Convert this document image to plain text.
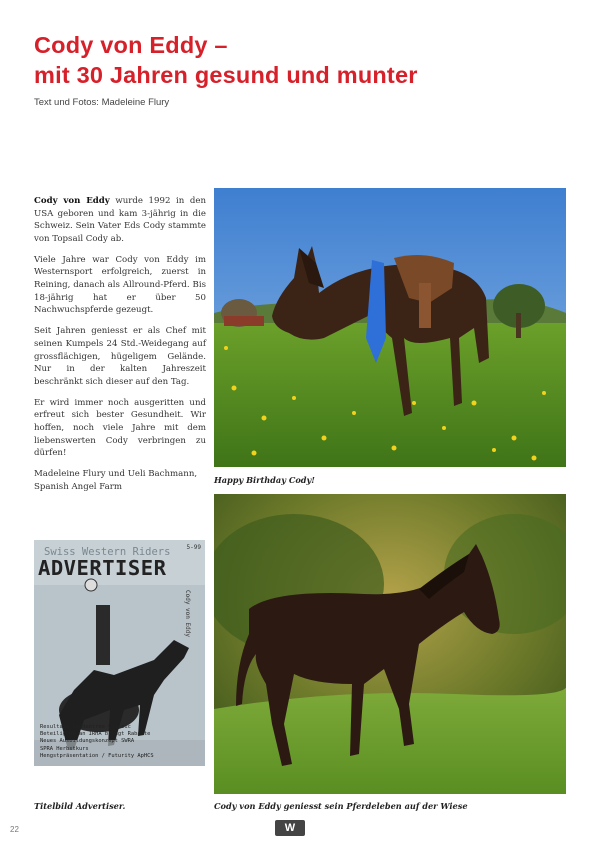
Cody von Eddy –
mit 30 Jahren gesund und munter
Text und Fotos: Madeleine Flury

Cody von Eddy wurde 1992 in den USA geboren und kam 3-jährig in die Schweiz. Sein Vater Eds Cody stammte von Topsail Cody ab.

Viele Jahre war Cody von Eddy im Westernsport erfolgreich, zuerst in Reining, danach als Allround-Pferd. Bis 18-jährig hat er über 50 Nachwuchspferde gezeugt.

Seit Jahren geniesst er als Chef mit seinen Kumpels 24 Std.-Weidegang auf grossflächigen, hügeligem Gelände. Nur in der kalten Jahreszeit beschränkt sich dieser auf den Tag.

Er wird immer noch ausgeritten und erfreut sich bester Gesundheit. Wir hoffen, noch viele Jahre mit dem liebenswerten Cody verbringen zu dürfen!

Madeleine Flury und Ueli Bachmann,
Spanish Angel Farm

Happy Birthday Cody!
Swiss Western Riders	5-99
ADVERTISER
Cody von Eddy
Resultate Lindentree Classic
Beteiligung an IRHA bringt Rabatte
Neues Ausbildungskonzept SWRA
SPRA Herbstkurs
Hengstpräsentation / Futurity ApHCS
Titelbild Advertiser.	Cody von Eddy geniesst sein Pferdeleben auf der Wiese
22	W
